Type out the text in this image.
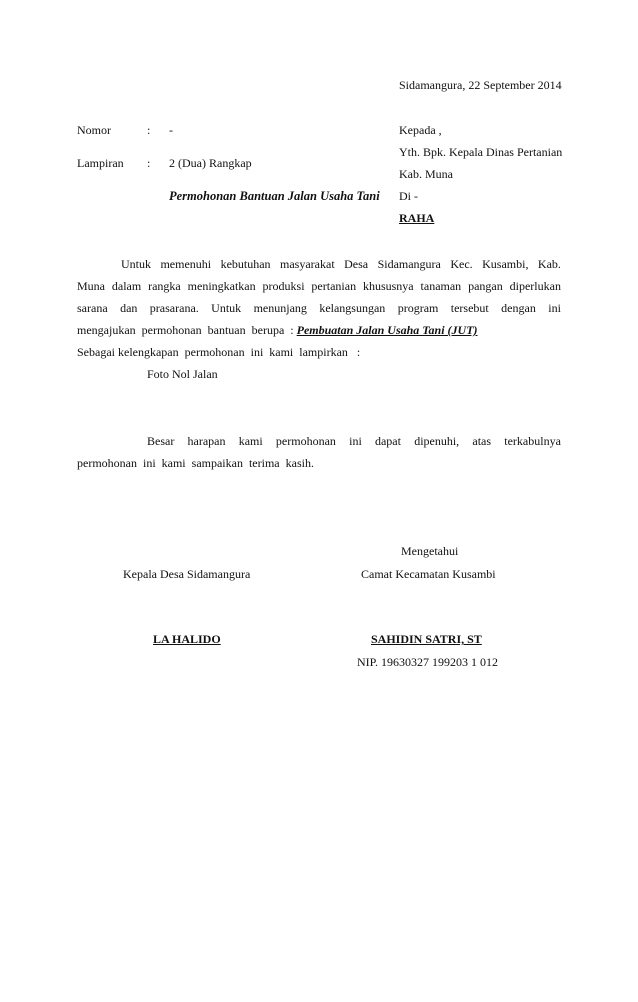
Sidamangura, 22 September 2014
Nomor	: -
Lampiran : 2 (Dua) Rangkap
Permohonan Bantuan Jalan Usaha Tani
Kepada ,
Yth. Bpk. Kepala Dinas Pertanian
Kab. Muna
Di -
RAHA
Untuk memenuhi kebutuhan masyarakat Desa Sidamangura Kec. Kusambi, Kab.
Muna dalam rangka meningkatkan produksi pertanian khususnya tanaman pangan diperlukan
sarana dan prasarana. Untuk menunjang kelangsungan program tersebut dengan ini
mengajukan  permohonan  bantuan  berupa  : Pembuatan Jalan Usaha Tani (JUT)
Sebagai kelengkapan  permohonan  ini  kami  lampirkan   :
Foto Nol Jalan
Besar harapan kami permohonan ini dapat dipenuhi, atas terkabulnya
permohonan  ini  kami  sampaikan  terima  kasih.
Mengetahui
Kepala Desa Sidamangura	Camat Kecamatan Kusambi
LA HALIDO	SAHIDIN SATRI, ST
NIP. 19630327 199203 1 012
